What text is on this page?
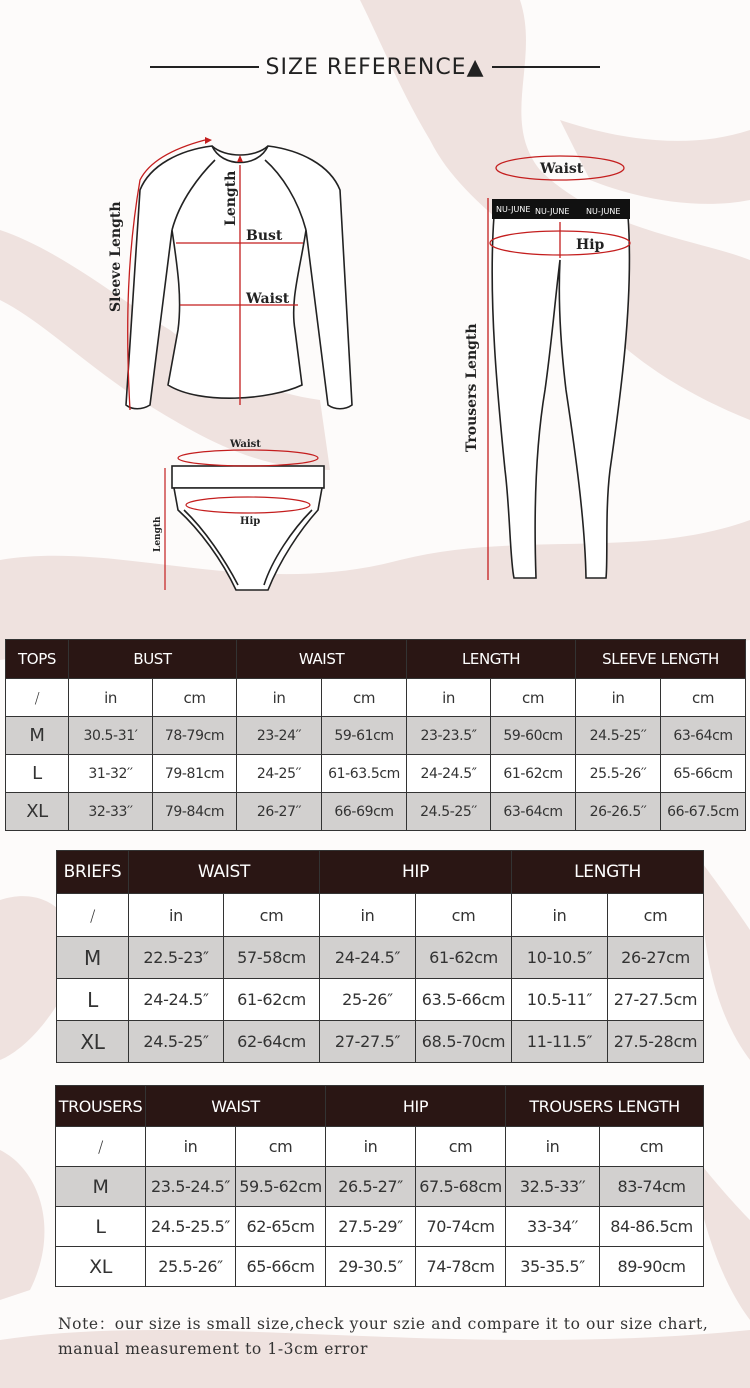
SIZE REFERENCE▲
Sleeve Length
Length
Bust
Waist
Waist
Hip
Length
NU-JUNE NU-JUNE NU-JUNE
Waist
Hip
Trousers Length
TOPS	BUST		WAIST		LENGTH		SLEEVE LENGTH	
/	in	cm	in	cm	in	cm	in	cm
M	30.5-31′	78-79cm	23-24′′	59-61cm	23-23.5″	59-60cm	24.5-25′′	63-64cm
L	31-32′′	79-81cm	24-25′′	61-63.5cm	24-24.5″	61-62cm	25.5-26′′	65-66cm
XL	32-33′′	79-84cm	26-27′′	66-69cm	24.5-25′′	63-64cm	26-26.5′′	66-67.5cm
BRIEFS	WAIST		HIP		LENGTH	
/	in	cm	in	cm	in	cm
M	22.5-23″	57-58cm	24-24.5″	61-62cm	10-10.5″	26-27cm
L	24-24.5″	61-62cm	25-26″	63.5-66cm	10.5-11″	27-27.5cm
XL	24.5-25″	62-64cm	27-27.5″	68.5-70cm	11-11.5″	27.5-28cm
TROUSERS	WAIST		HIP		TROUSERS LENGTH	
/	in	cm	in	cm	in	cm
M	23.5-24.5″	59.5-62cm	26.5-27″	67.5-68cm	32.5-33′′	83-74cm
L	24.5-25.5″	62-65cm	27.5-29″	70-74cm	33-34′′	84-86.5cm
XL	25.5-26″	65-66cm	29-30.5″	74-78cm	35-35.5″	89-90cm
Note：our size is small size,check your szie and compare it to our size chart, manual measurement to 1-3cm error
